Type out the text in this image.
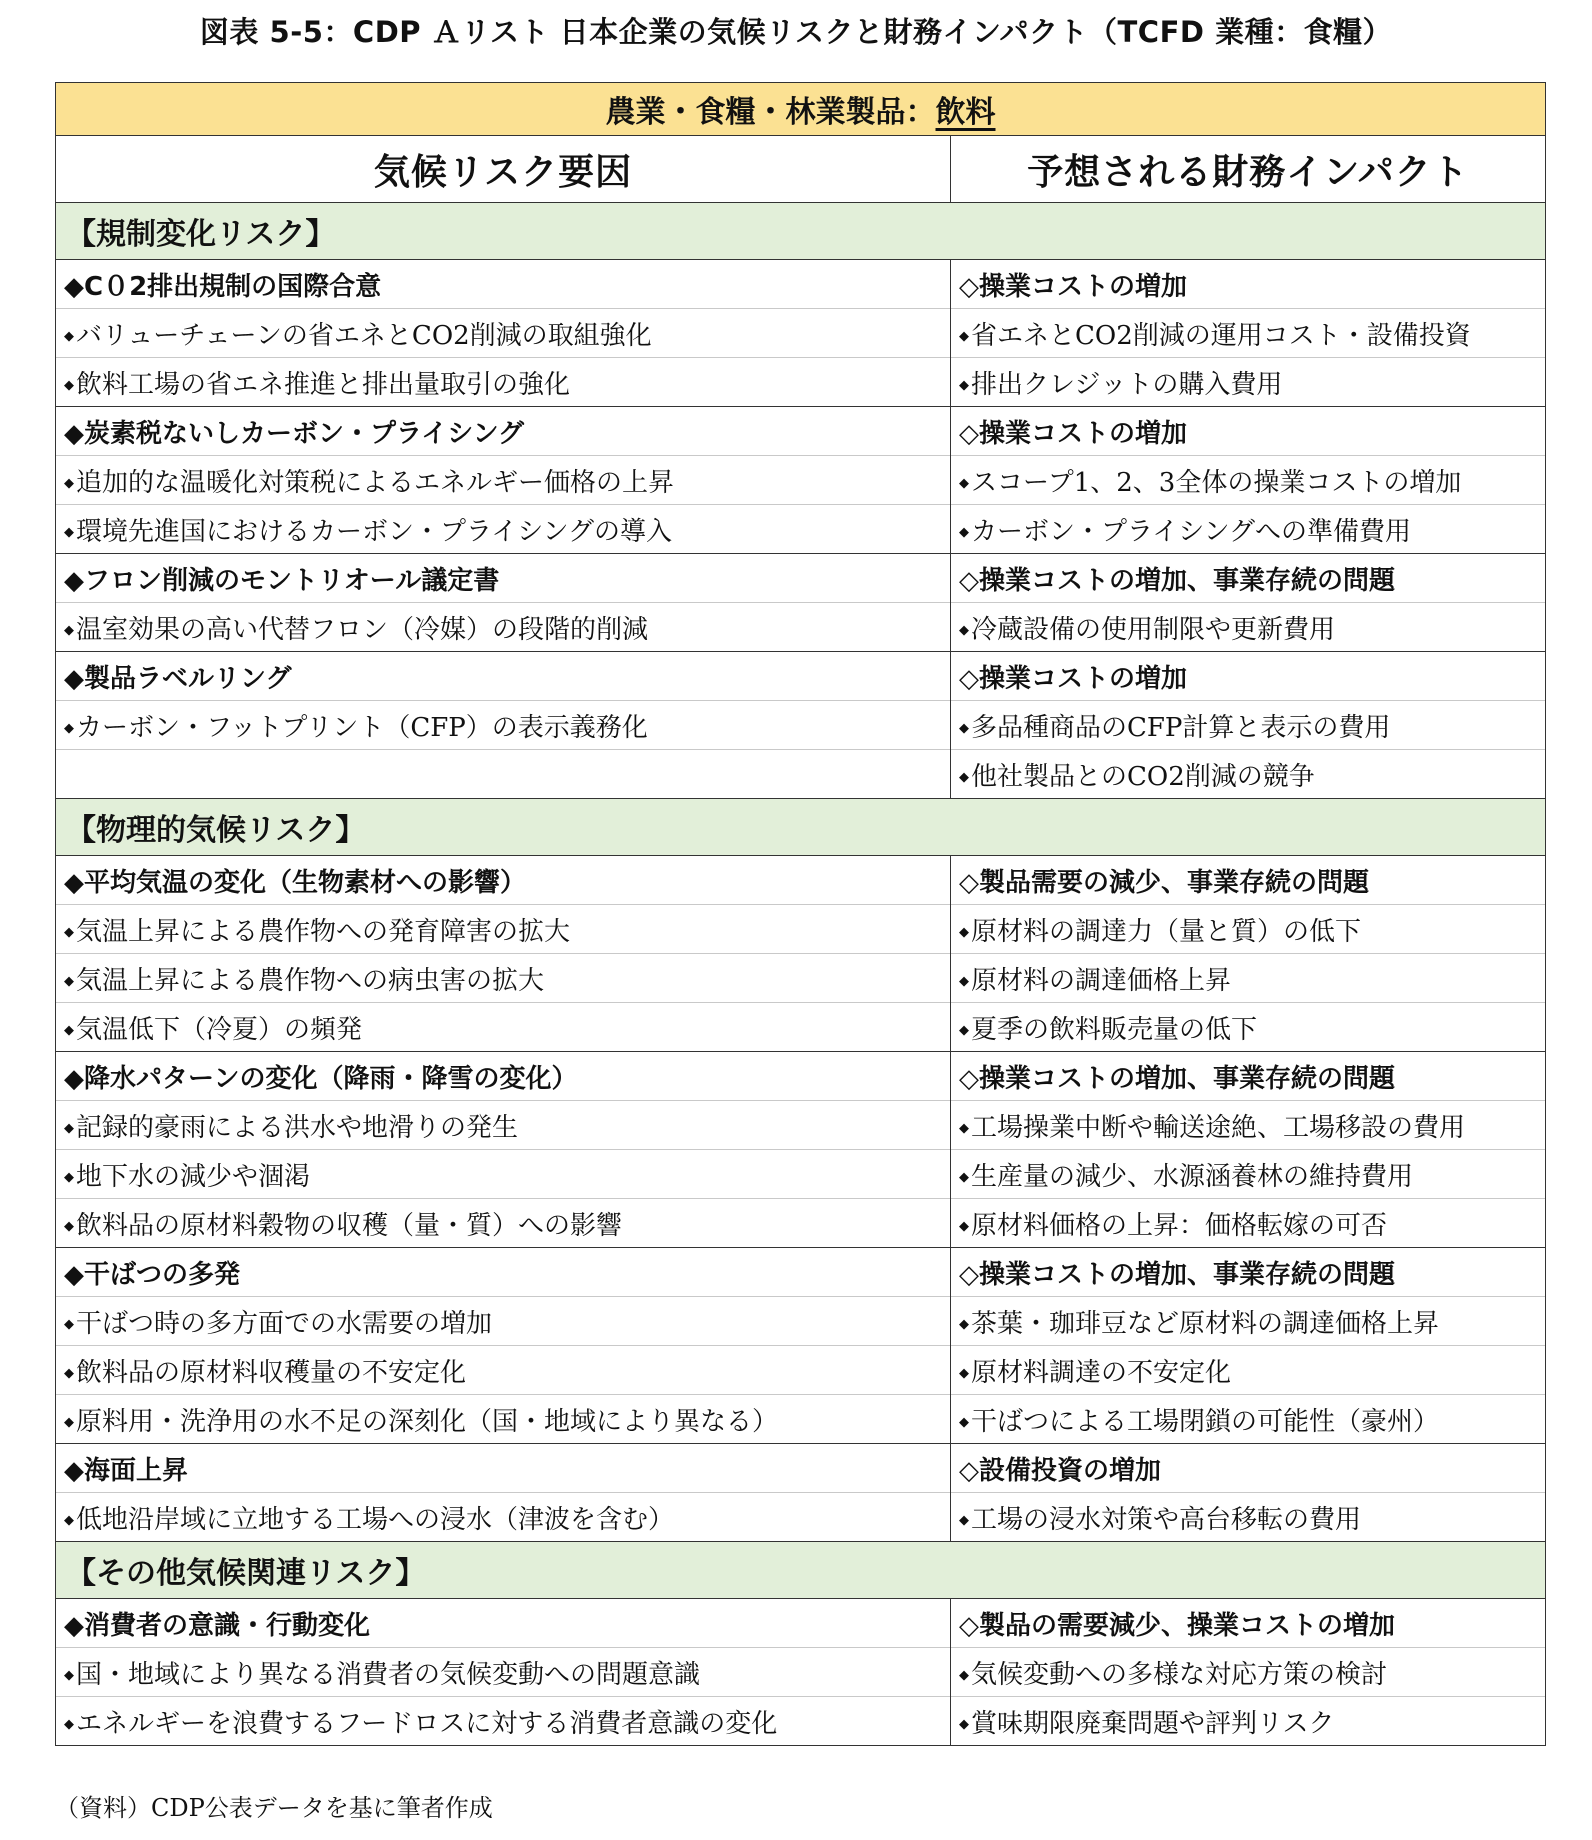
図表 5-5：CDP Ａリスト 日本企業の気候リスクと財務インパクト（TCFD 業種：食糧）
農業・食糧・林業製品：飲料	
気候リスク要因	予想される財務インパクト
【規制変化リスク】	
◆C０2排出規制の国際合意	◇操業コストの増加
◆バリューチェーンの省エネとCO2削減の取組強化	◆省エネとCO2削減の運用コスト・設備投資
◆飲料工場の省エネ推進と排出量取引の強化	◆排出クレジットの購入費用
◆炭素税ないしカーボン・プライシング	◇操業コストの増加
◆追加的な温暖化対策税によるエネルギー価格の上昇	◆スコープ1、2、3全体の操業コストの増加
◆環境先進国におけるカーボン・プライシングの導入	◆カーボン・プライシングへの準備費用
◆フロン削減のモントリオール議定書	◇操業コストの増加、事業存続の問題
◆温室効果の高い代替フロン（冷媒）の段階的削減	◆冷蔵設備の使用制限や更新費用
◆製品ラベルリング	◇操業コストの増加
◆カーボン・フットプリント（CFP）の表示義務化	◆多品種商品のCFP計算と表示の費用
	◆他社製品とのCO2削減の競争
【物理的気候リスク】	
◆平均気温の変化（生物素材への影響）	◇製品需要の減少、事業存続の問題
◆気温上昇による農作物への発育障害の拡大	◆原材料の調達力（量と質）の低下
◆気温上昇による農作物への病虫害の拡大	◆原材料の調達価格上昇
◆気温低下（冷夏）の頻発	◆夏季の飲料販売量の低下
◆降水パターンの変化（降雨・降雪の変化）	◇操業コストの増加、事業存続の問題
◆記録的豪雨による洪水や地滑りの発生	◆工場操業中断や輸送途絶、工場移設の費用
◆地下水の減少や涸渇	◆生産量の減少、水源涵養林の維持費用
◆飲料品の原材料穀物の収穫（量・質）への影響	◆原材料価格の上昇：価格転嫁の可否
◆干ばつの多発	◇操業コストの増加、事業存続の問題
◆干ばつ時の多方面での水需要の増加	◆茶葉・珈琲豆など原材料の調達価格上昇
◆飲料品の原材料収穫量の不安定化	◆原材料調達の不安定化
◆原料用・洗浄用の水不足の深刻化（国・地域により異なる）	◆干ばつによる工場閉鎖の可能性（豪州）
◆海面上昇	◇設備投資の増加
◆低地沿岸域に立地する工場への浸水（津波を含む）	◆工場の浸水対策や高台移転の費用
【その他気候関連リスク】	
◆消費者の意識・行動変化	◇製品の需要減少、操業コストの増加
◆国・地域により異なる消費者の気候変動への問題意識	◆気候変動への多様な対応方策の検討
◆エネルギーを浪費するフードロスに対する消費者意識の変化	◆賞味期限廃棄問題や評判リスク
（資料）CDP公表データを基に筆者作成
